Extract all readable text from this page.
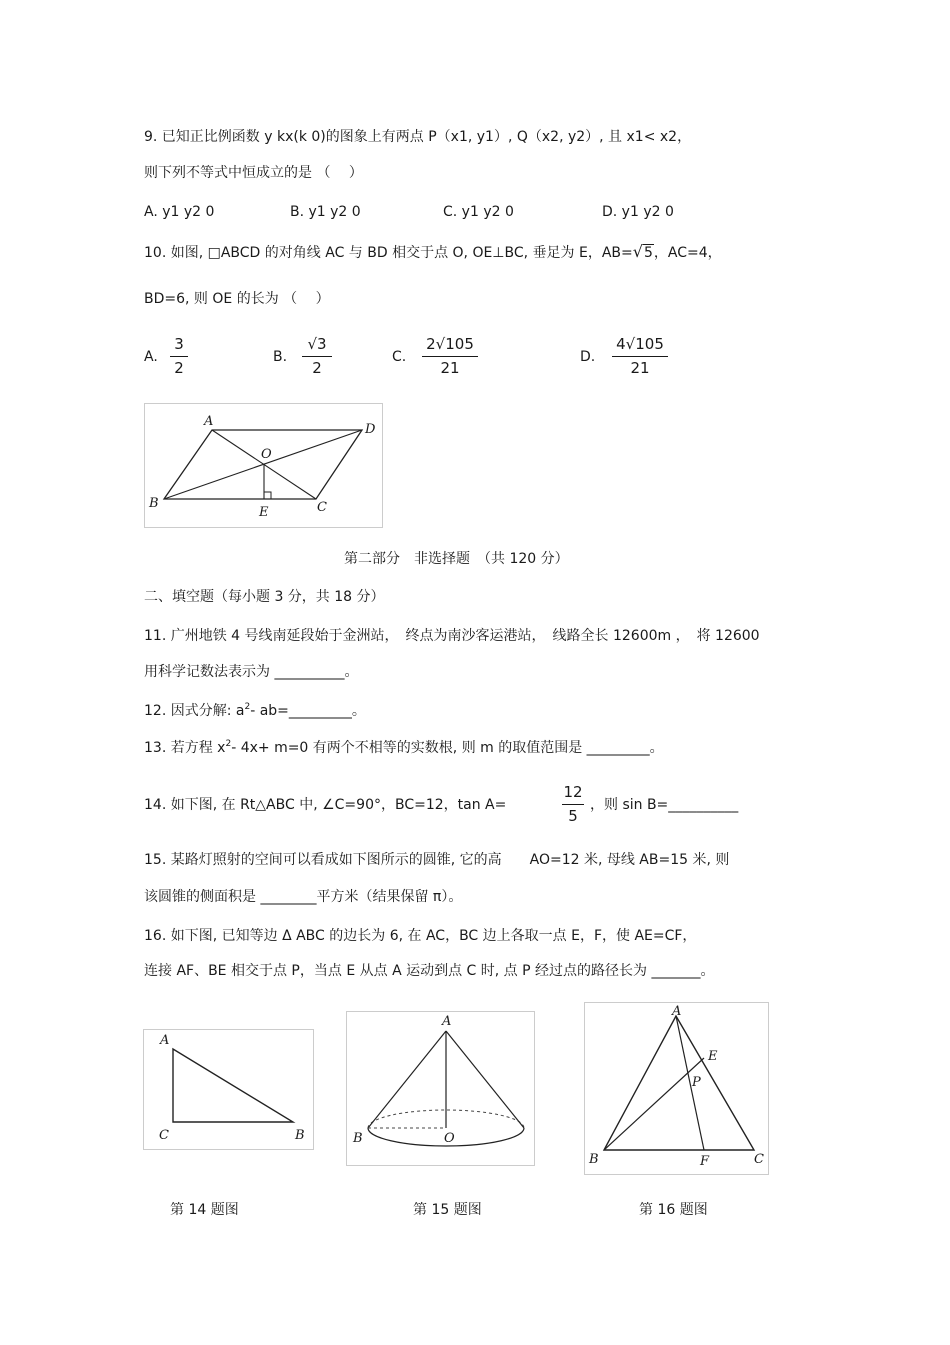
9. 已知正比例函数 y kx(k 0)的图象上有两点 P（x1, y1）, Q（x2, y2）, 且 x1< x2，
则下列不等式中恒成立的是 （　 ）
A. y1 y2 0	B. y1 y2 0	C. y1 y2 0	D. y1 y2 0
10. 如图, □ABCD 的对角线 AC 与 BD 相交于点 O, OE⊥BC, 垂足为 E，AB=√5，AC=4，
BD=6, 则 OE 的长为 （　 ）
A.
3
2
B.
√3
2
C.
2√105
21
D.
4√105
21
A
D
O
B
E	C
第二部分　非选择题　（共 120 分）
二、填空题（每小题 3 分，共 18 分）
11. 广州地铁 4 号线南延段始于金洲站，　终点为南沙客运港站，　线路全长 12600m ，　将 12600
用科学记数法表示为 __________。
12. 因式分解: $a^2-$ ab=_________。
13. 若方程 $x^2-$ 4x+ m=0 有两个不相等的实数根, 则 m 的取值范围是 _________。
14. 如下图, 在 Rt△ABC 中, ∠C=90°，BC=12，tan A=
12
5
，则 sin B=__________
15. 某路灯照射的空间可以看成如下图所示的圆锥, 它的高　　AO=12 米, 母线 AB=15 米, 则
该圆锥的侧面积是 ________平方米（结果保留 π）。
16. 如下图, 已知等边 Δ ABC 的边长为 6, 在 AC，BC 边上各取一点 E，F，使 AE=CF，
连接 AF、BE 相交于点 P，当点 E 从点 A 运动到点 C 时, 点 P 经过点的路径长为 _______。
A
C	B
A
B	O
A
E
P
B	F	C
第 14 题图	第 15 题图	第 16 题图
